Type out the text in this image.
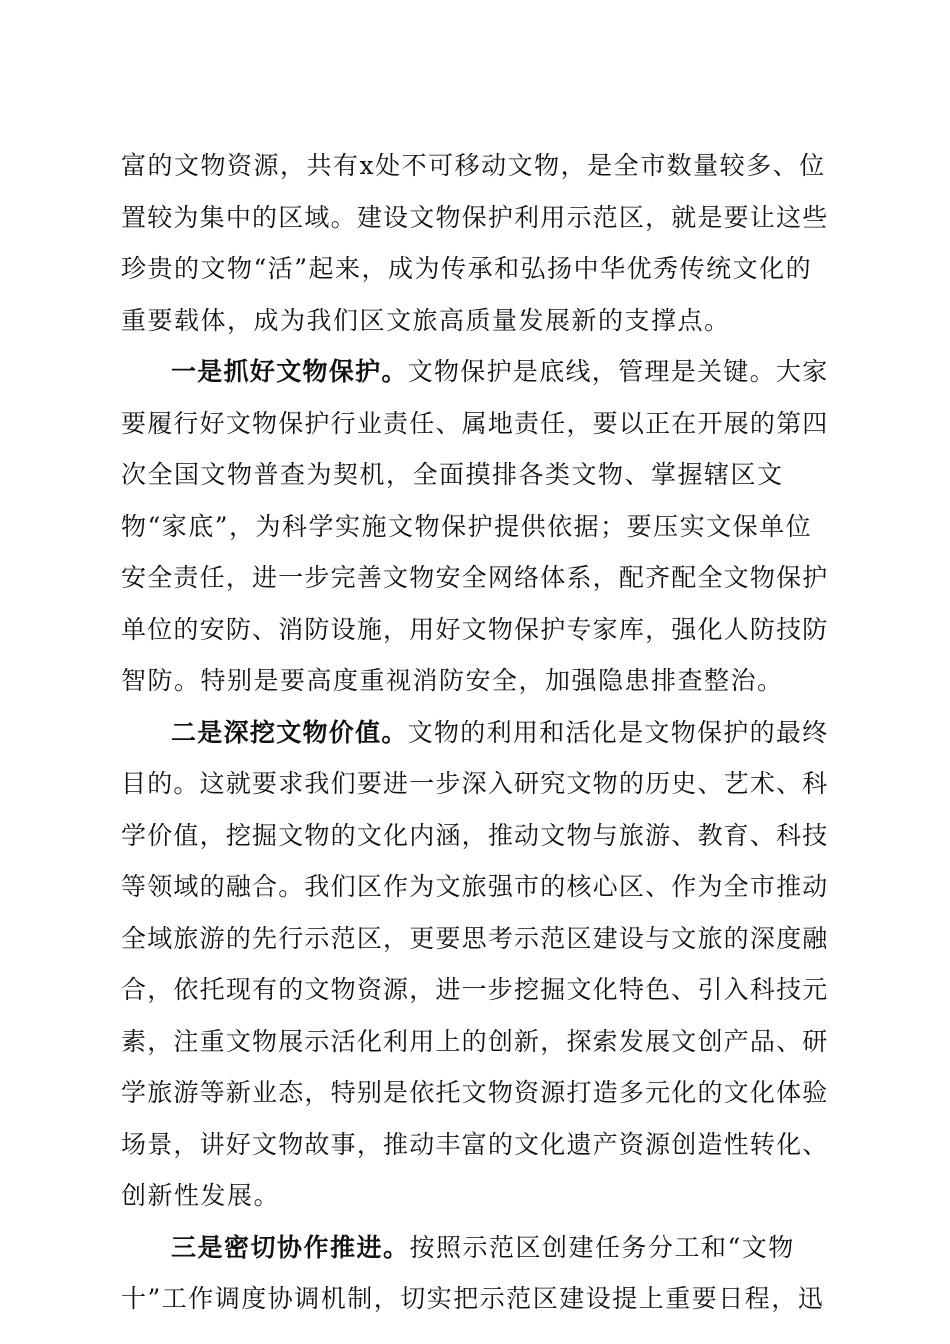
富的文物资源，共有x处不可移动文物，是全市数量较多、位
置较为集中的区域。建设文物保护利用示范区，就是要让这些
珍贵的文物“活”起来，成为传承和弘扬中华优秀传统文化的
重要载体，成为我们区文旅高质量发展新的支撑点。
一是抓好文物保护。文物保护是底线，管理是关键。大家
要履行好文物保护行业责任、属地责任，要以正在开展的第四
次全国文物普查为契机，全面摸排各类文物、掌握辖区文
物“家底”，为科学实施文物保护提供依据；要压实文保单位
安全责任，进一步完善文物安全网络体系，配齐配全文物保护
单位的安防、消防设施，用好文物保护专家库，强化人防技防
智防。特别是要高度重视消防安全，加强隐患排查整治。
二是深挖文物价值。文物的利用和活化是文物保护的最终
目的。这就要求我们要进一步深入研究文物的历史、艺术、科
学价值，挖掘文物的文化内涵，推动文物与旅游、教育、科技
等领域的融合。我们区作为文旅强市的核心区、作为全市推动
全域旅游的先行示范区，更要思考示范区建设与文旅的深度融
合，依托现有的文物资源，进一步挖掘文化特色、引入科技元
素，注重文物展示活化利用上的创新，探索发展文创产品、研
学旅游等新业态，特别是依托文物资源打造多元化的文化体验
场景，讲好文物故事，推动丰富的文化遗产资源创造性转化、
创新性发展。
三是密切协作推进。按照示范区创建任务分工和“文物
十”工作调度协调机制，切实把示范区建设提上重要日程，迅
